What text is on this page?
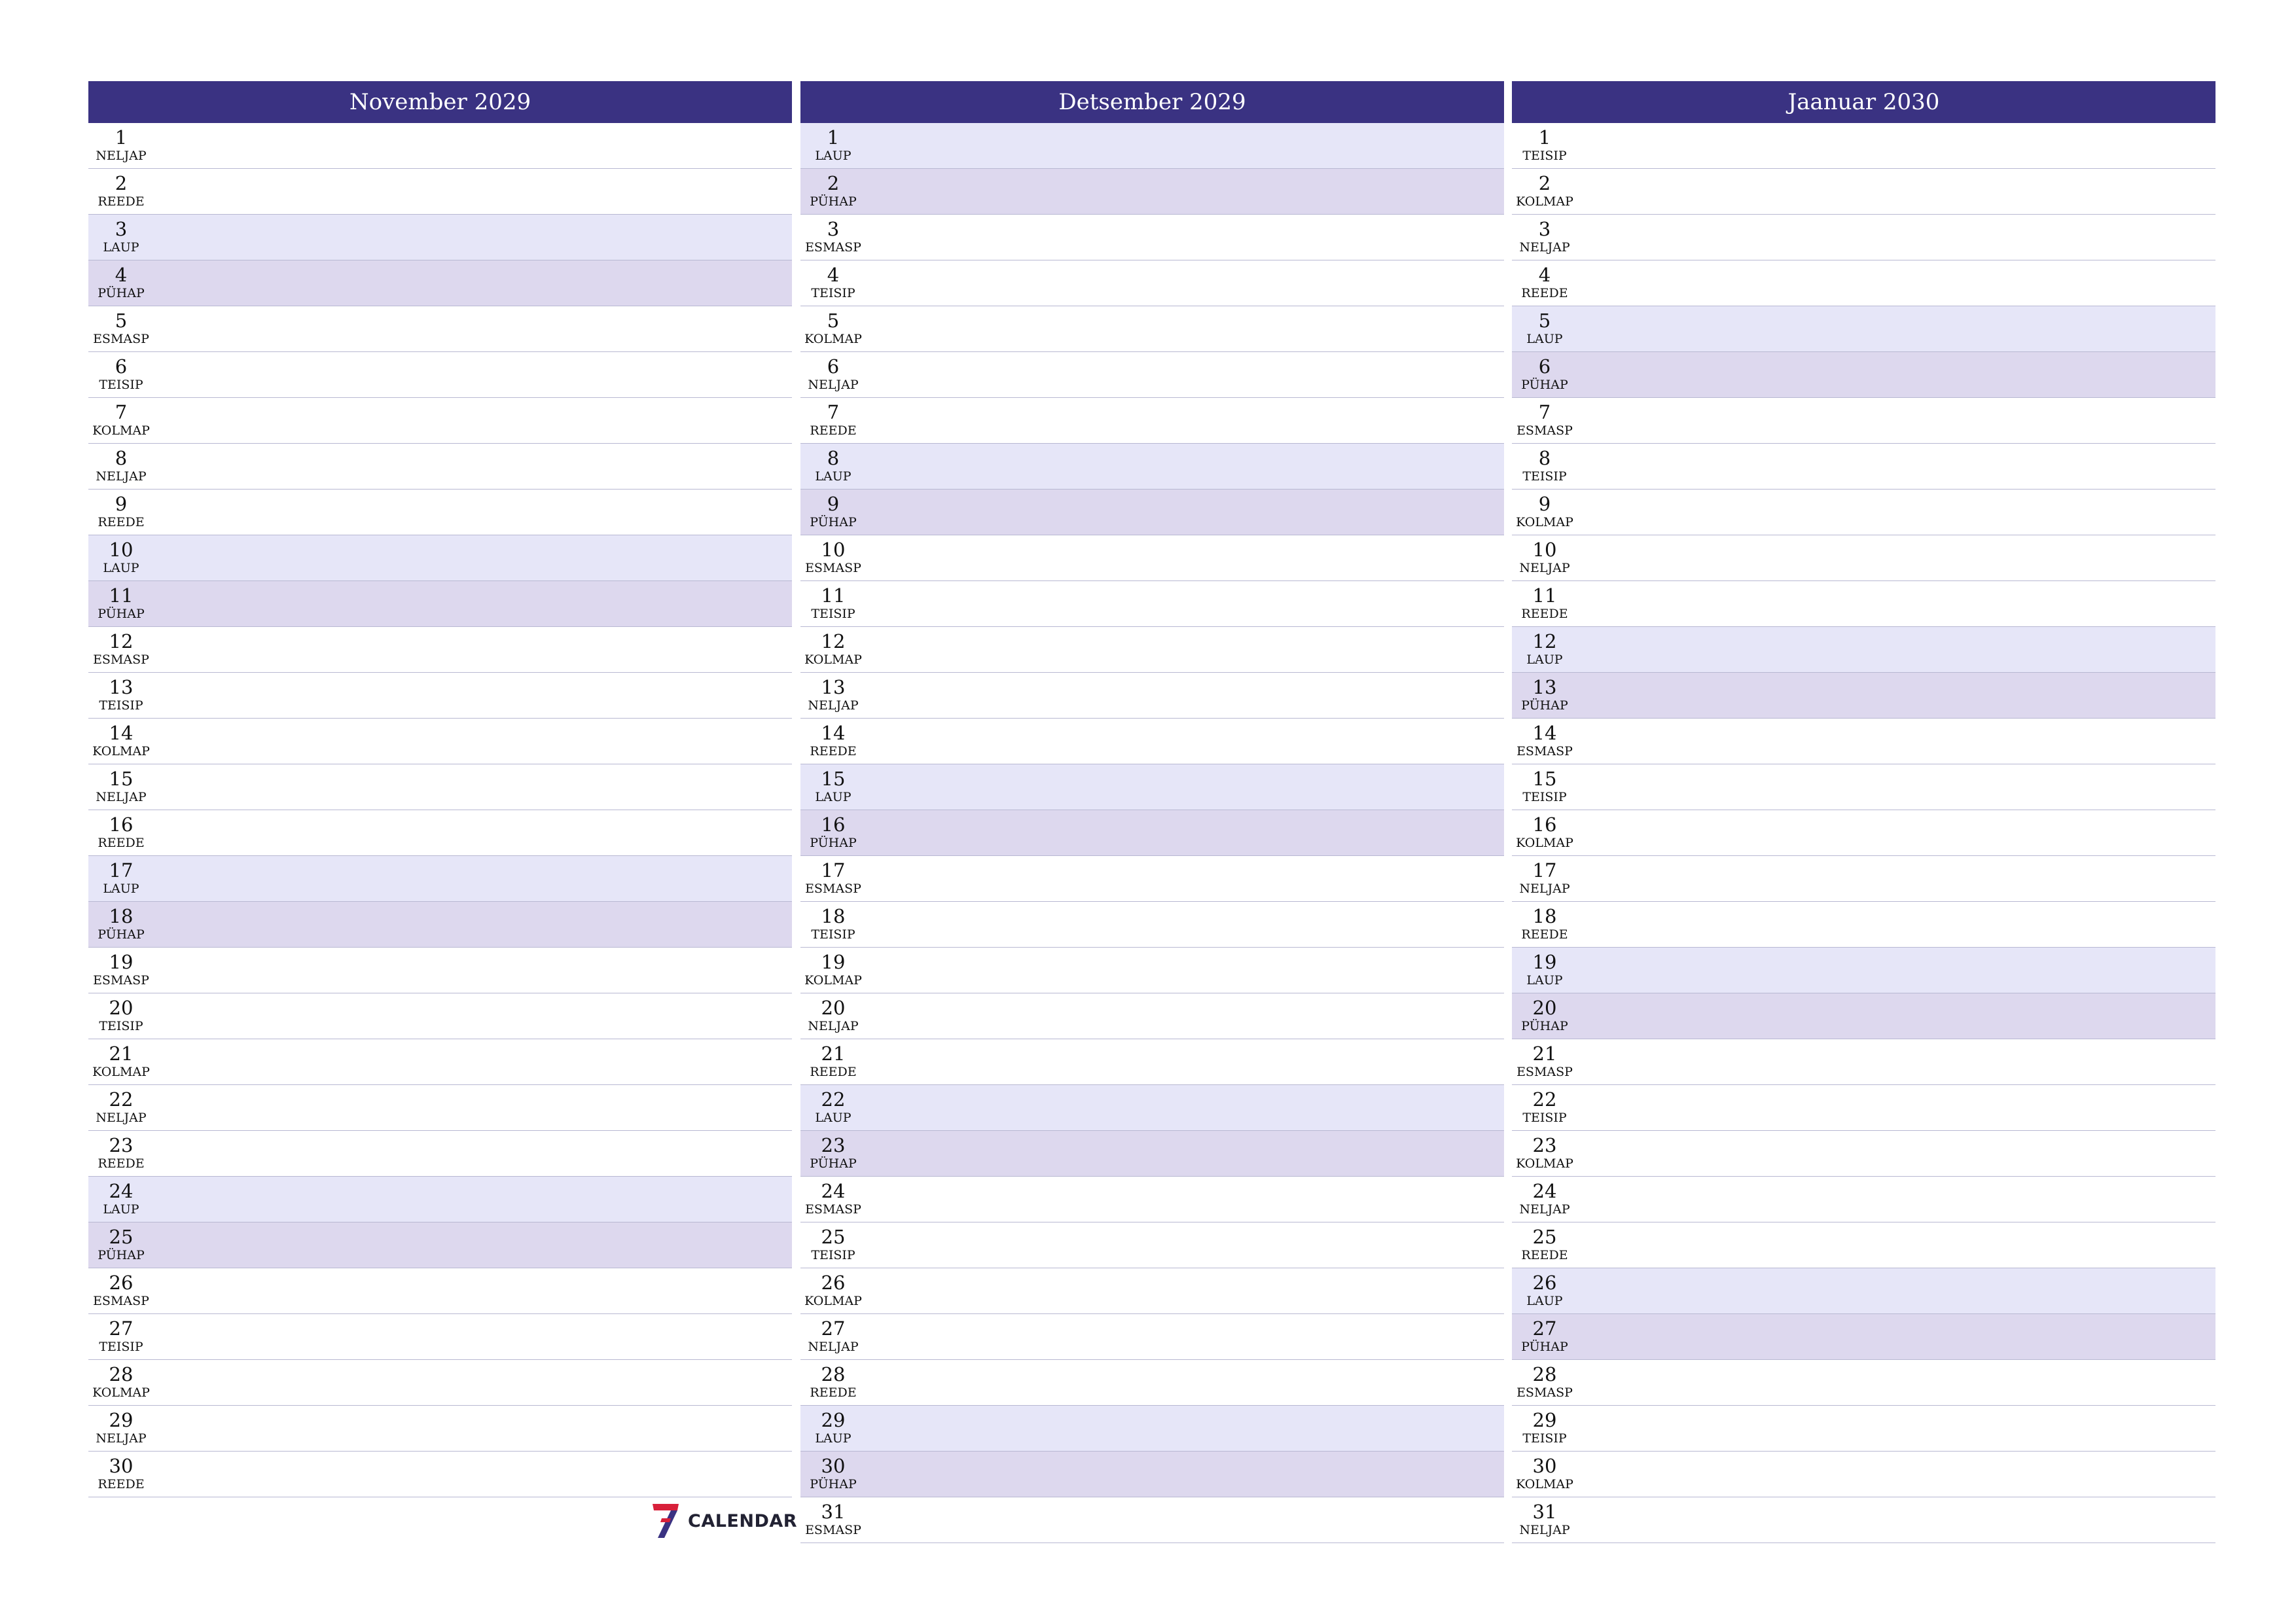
November 2029
1
NELJAP
2
REEDE
3
LAUP
4
PÜHAP
5
ESMASP
6
TEISIP
7
KOLMAP
8
NELJAP
9
REEDE
10
LAUP
11
PÜHAP
12
ESMASP
13
TEISIP
14
KOLMAP
15
NELJAP
16
REEDE
17
LAUP
18
PÜHAP
19
ESMASP
20
TEISIP
21
KOLMAP
22
NELJAP
23
REEDE
24
LAUP
25
PÜHAP
26
ESMASP
27
TEISIP
28
KOLMAP
29
NELJAP
30
REEDE
Detsember 2029
1
LAUP
2
PÜHAP
3
ESMASP
4
TEISIP
5
KOLMAP
6
NELJAP
7
REEDE
8
LAUP
9
PÜHAP
10
ESMASP
11
TEISIP
12
KOLMAP
13
NELJAP
14
REEDE
15
LAUP
16
PÜHAP
17
ESMASP
18
TEISIP
19
KOLMAP
20
NELJAP
21
REEDE
22
LAUP
23
PÜHAP
24
ESMASP
25
TEISIP
26
KOLMAP
27
NELJAP
28
REEDE
29
LAUP
30
PÜHAP
31
ESMASP
Jaanuar 2030
1
TEISIP
2
KOLMAP
3
NELJAP
4
REEDE
5
LAUP
6
PÜHAP
7
ESMASP
8
TEISIP
9
KOLMAP
10
NELJAP
11
REEDE
12
LAUP
13
PÜHAP
14
ESMASP
15
TEISIP
16
KOLMAP
17
NELJAP
18
REEDE
19
LAUP
20
PÜHAP
21
ESMASP
22
TEISIP
23
KOLMAP
24
NELJAP
25
REEDE
26
LAUP
27
PÜHAP
28
ESMASP
29
TEISIP
30
KOLMAP
31
NELJAP
CALENDAR
